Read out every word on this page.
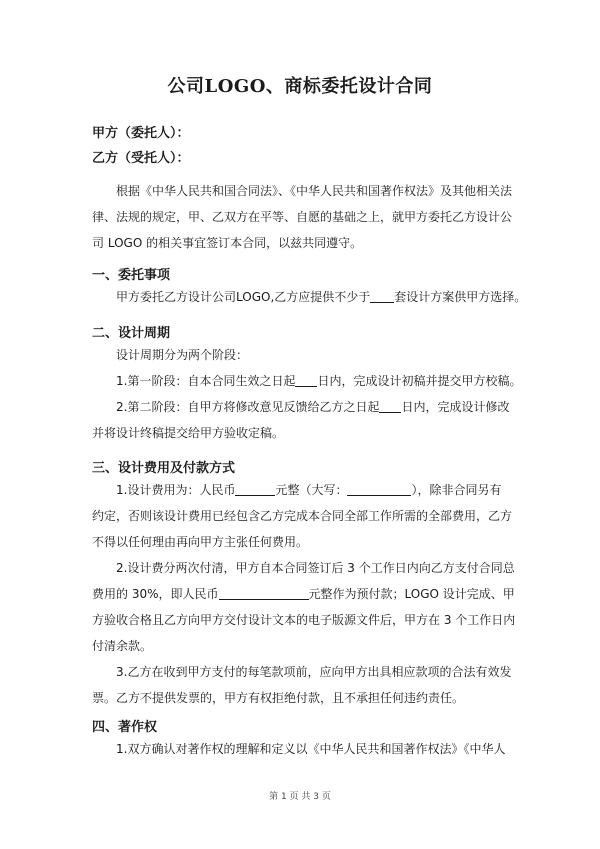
公司LOGO、商标委托设计合同
甲方（委托人）：
乙方（受托人）：
根据《中华人民共和国合同法》、《中华人民共和国著作权法》及其他相关法
律、法规的规定，甲、乙双方在平等、自愿的基础之上，就甲方委托乙方设计公
司 LOGO 的相关事宜签订本合同，以兹共同遵守。
一、委托事项
甲方委托乙方设计公司LOGO,乙方应提供不少于 套设计方案供甲方选择。
二、设计周期
设计周期分为两个阶段：
1.第一阶段：自本合同生效之日起 日内，完成设计初稿并提交甲方校稿。
2.第二阶段：自甲方将修改意见反馈给乙方之日起 日内，完成设计修改
并将设计终稿提交给甲方验收定稿。
三、设计费用及付款方式
1.设计费用为：人民币	元整（大写：	），除非合同另有
约定，否则该设计费用已经包含乙方完成本合同全部工作所需的全部费用，乙方
不得以任何理由再向甲方主张任何费用。
2.设计费分两次付清，甲方自本合同签订后 3 个工作日内向乙方支付合同总
费用的 30%，即人民币	元整作为预付款；LOGO 设计完成、甲
方验收合格且乙方向甲方交付设计文本的电子版源文件后，甲方在 3 个工作日内
付清余款。
3.乙方在收到甲方支付的每笔款项前，应向甲方出具相应款项的合法有效发
票。乙方不提供发票的，甲方有权拒绝付款，且不承担任何违约责任。
四、著作权
1.双方确认对著作权的理解和定义以《中华人民共和国著作权法》《中华人
第 1 页 共 3 页
